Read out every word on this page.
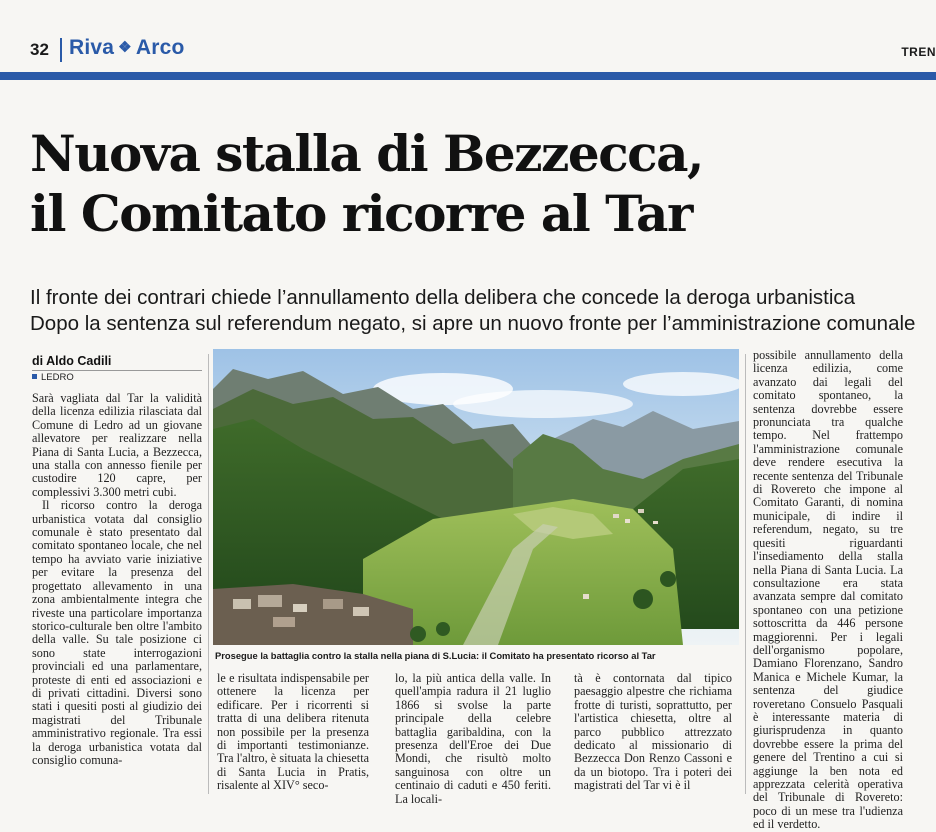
32 Riva ❖ Arco	TREN
Nuova stalla di Bezzecca,
il Comitato ricorre al Tar
Il fronte dei contrari chiede l’annullamento della delibera che concede la deroga urbanistica
Dopo la sentenza sul referendum negato, si apre un nuovo fronte per l’amministrazione comunale
di Aldo Cadili
LEDRO

Sarà vagliata dal Tar la validità della licenza edilizia rilasciata dal Comune di Ledro ad un giovane allevatore per realizzare nella Piana di Santa Lucia, a Bezzecca, una stalla con annesso fienile per custodire 120 capre, per complessivi 3.300 metri cubi.

Il ricorso contro la deroga urbanistica votata dal consiglio comunale è stato presentato dal comitato spontaneo locale, che nel tempo ha avviato varie iniziative per evitare la presenza del progettato allevamento in una zona ambientalmente integra che riveste una particolare importanza storico-culturale ben oltre l'ambito della valle. Su tale posizione ci sono state interrogazioni provinciali ed una parlamentare, proteste di enti ed associazioni e di privati cittadini. Diversi sono stati i quesiti posti al giudizio dei magistrati del Tribunale amministrativo regionale. Tra essi la deroga urbanistica votata dal consiglio comuna-

Prosegue la battaglia contro la stalla nella piana di S.Lucia: il Comitato ha presentato ricorso al Tar

le e risultata indispensabile per ottenere la licenza per edificare. Per i ricorrenti si tratta di una delibera ritenuta non possibile per la presenza di importanti testimonianze. Tra l'altro, è situata la chiesetta di Santa Lucia in Pratis, risalente al XIV° seco-

lo, la più antica della valle. In quell'ampia radura il 21 luglio 1866 si svolse la parte principale della celebre battaglia garibaldina, con la presenza dell'Eroe dei Due Mondi, che risultò molto sanguinosa con oltre un centinaio di caduti e 450 feriti. La locali-

tà è contornata dal tipico paesaggio alpestre che richiama frotte di turisti, soprattutto, per l'artistica chiesetta, oltre al parco pubblico attrezzato dedicato al missionario di Bezzecca Don Renzo Cassoni e da un biotopo. Tra i poteri dei magistrati del Tar vi è il

possibile annullamento della licenza edilizia, come avanzato dai legali del comitato spontaneo, la sentenza dovrebbe essere pronunciata tra qualche tempo. Nel frattempo l'amministrazione comunale deve rendere esecutiva la recente sentenza del Tribunale di Rovereto che impone al Comitato Garanti, di nomina municipale, di indire il referendum, negato, su tre quesiti riguardanti l'insediamento della stalla nella Piana di Santa Lucia. La consultazione era stata avanzata sempre dal comitato spontaneo con una petizione sottoscritta da 446 persone maggiorenni. Per i legali dell'organismo popolare, Damiano Florenzano, Sandro Manica e Michele Kumar, la sentenza del giudice roveretano Consuelo Pasquali è interessante materia di giurisprudenza in quanto dovrebbe essere la prima del genere del Trentino a cui si aggiunge la ben nota ed apprezzata celerità operativa del Tribunale di Rovereto: poco di un mese tra l'udienza ed il verdetto.
